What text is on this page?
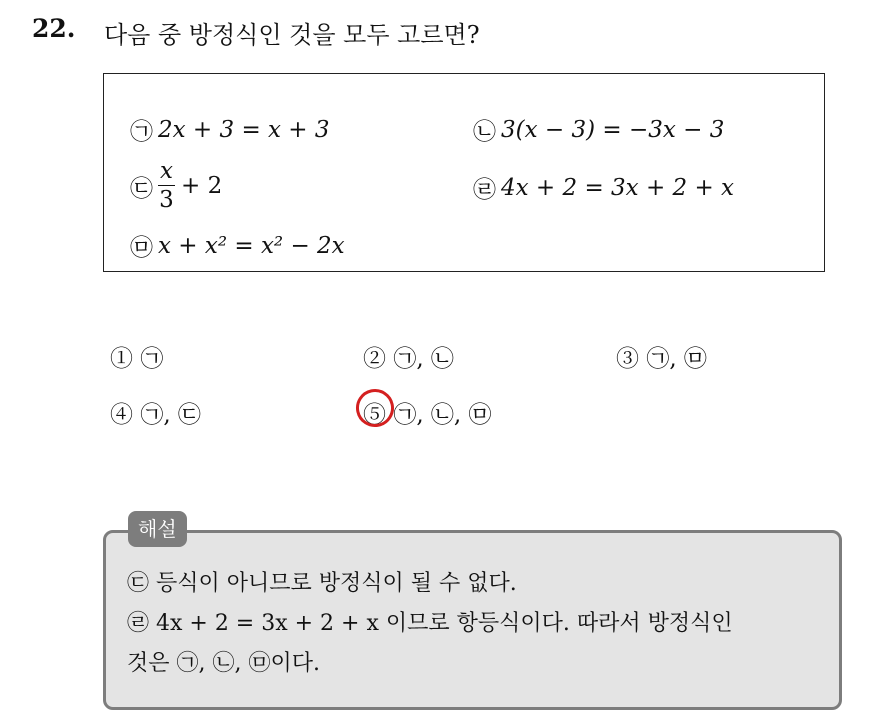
22. 다음 중 방정식인 것을 모두 고르면?
㉠ 2x + 3 = x + 3	㉡ 3(x − 3) = −3x − 3
㉢ $\frac{x}{3} + 2$	㉣ 4x + 2 = 3x + 2 + x
㉤ x + x² = x² − 2x
① ㉠	② ㉠, ㉡	③ ㉠, ㉤
④ ㉠, ㉢	⑤ ㉠, ㉡, ㉤
해설
㉢ 등식이 아니므로 방정식이 될 수 없다.
㉣ 4x + 2 = 3x + 2 + x 이므로 항등식이다. 따라서 방정식인
것은 ㉠, ㉡, ㉤이다.
